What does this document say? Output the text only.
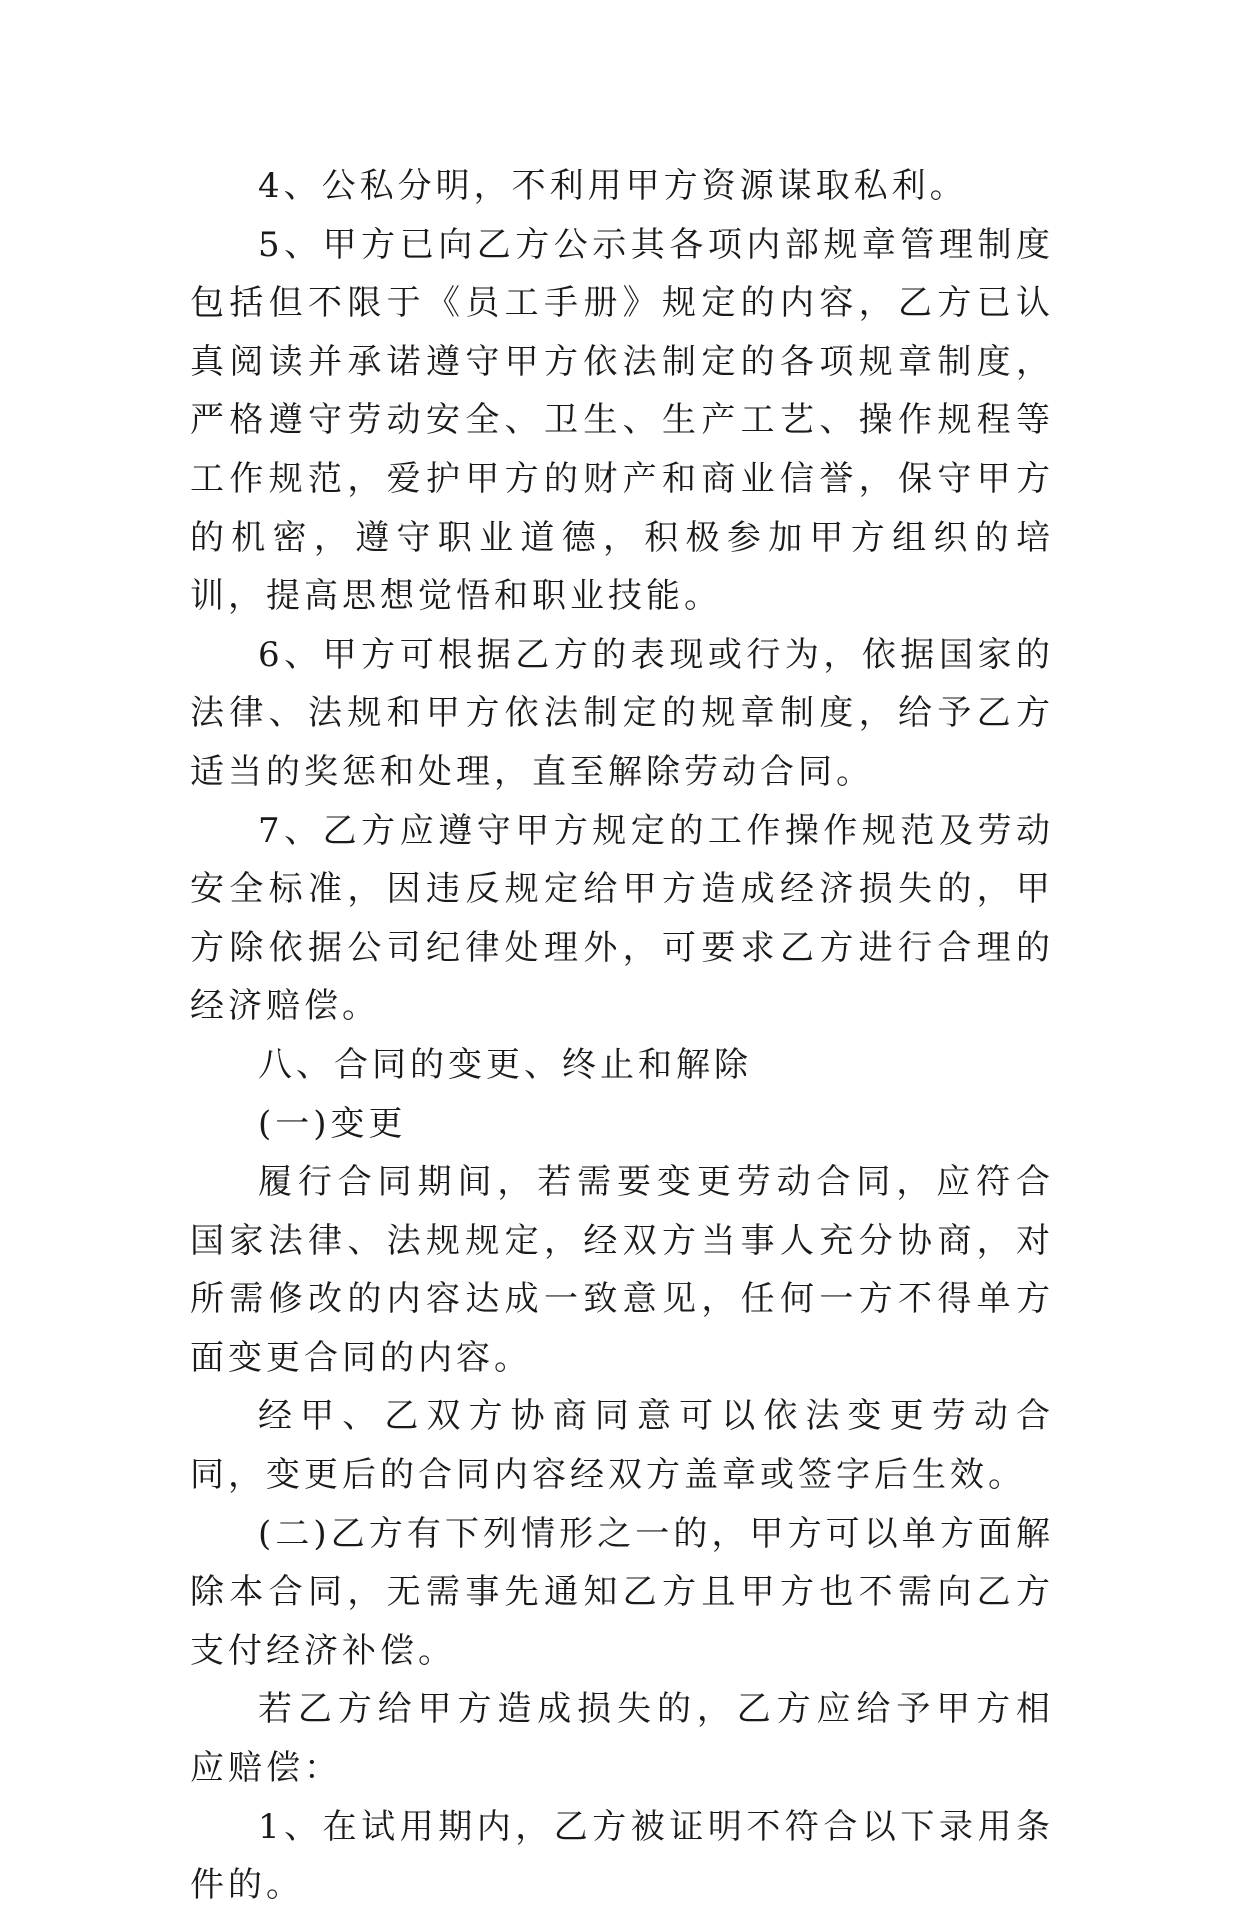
4、公私分明，不利用甲方资源谋取私利。

5、甲方已向乙方公示其各项内部规章管理制度包括但不限于《员工手册》规定的内容，乙方已认真阅读并承诺遵守甲方依法制定的各项规章制度，严格遵守劳动安全、卫生、生产工艺、操作规程等工作规范，爱护甲方的财产和商业信誉，保守甲方的机密，遵守职业道德，积极参加甲方组织的培训，提高思想觉悟和职业技能。

6、甲方可根据乙方的表现或行为，依据国家的法律、法规和甲方依法制定的规章制度，给予乙方适当的奖惩和处理，直至解除劳动合同。

7、乙方应遵守甲方规定的工作操作规范及劳动安全标准，因违反规定给甲方造成经济损失的，甲方除依据公司纪律处理外，可要求乙方进行合理的经济赔偿。

八、合同的变更、终止和解除

(一)变更

履行合同期间，若需要变更劳动合同，应符合国家法律、法规规定，经双方当事人充分协商，对所需修改的内容达成一致意见，任何一方不得单方面变更合同的内容。

经甲、乙双方协商同意可以依法变更劳动合同，变更后的合同内容经双方盖章或签字后生效。

(二)乙方有下列情形之一的，甲方可以单方面解除本合同，无需事先通知乙方且甲方也不需向乙方支付经济补偿。

若乙方给甲方造成损失的，乙方应给予甲方相应赔偿：

1、在试用期内，乙方被证明不符合以下录用条件的。
